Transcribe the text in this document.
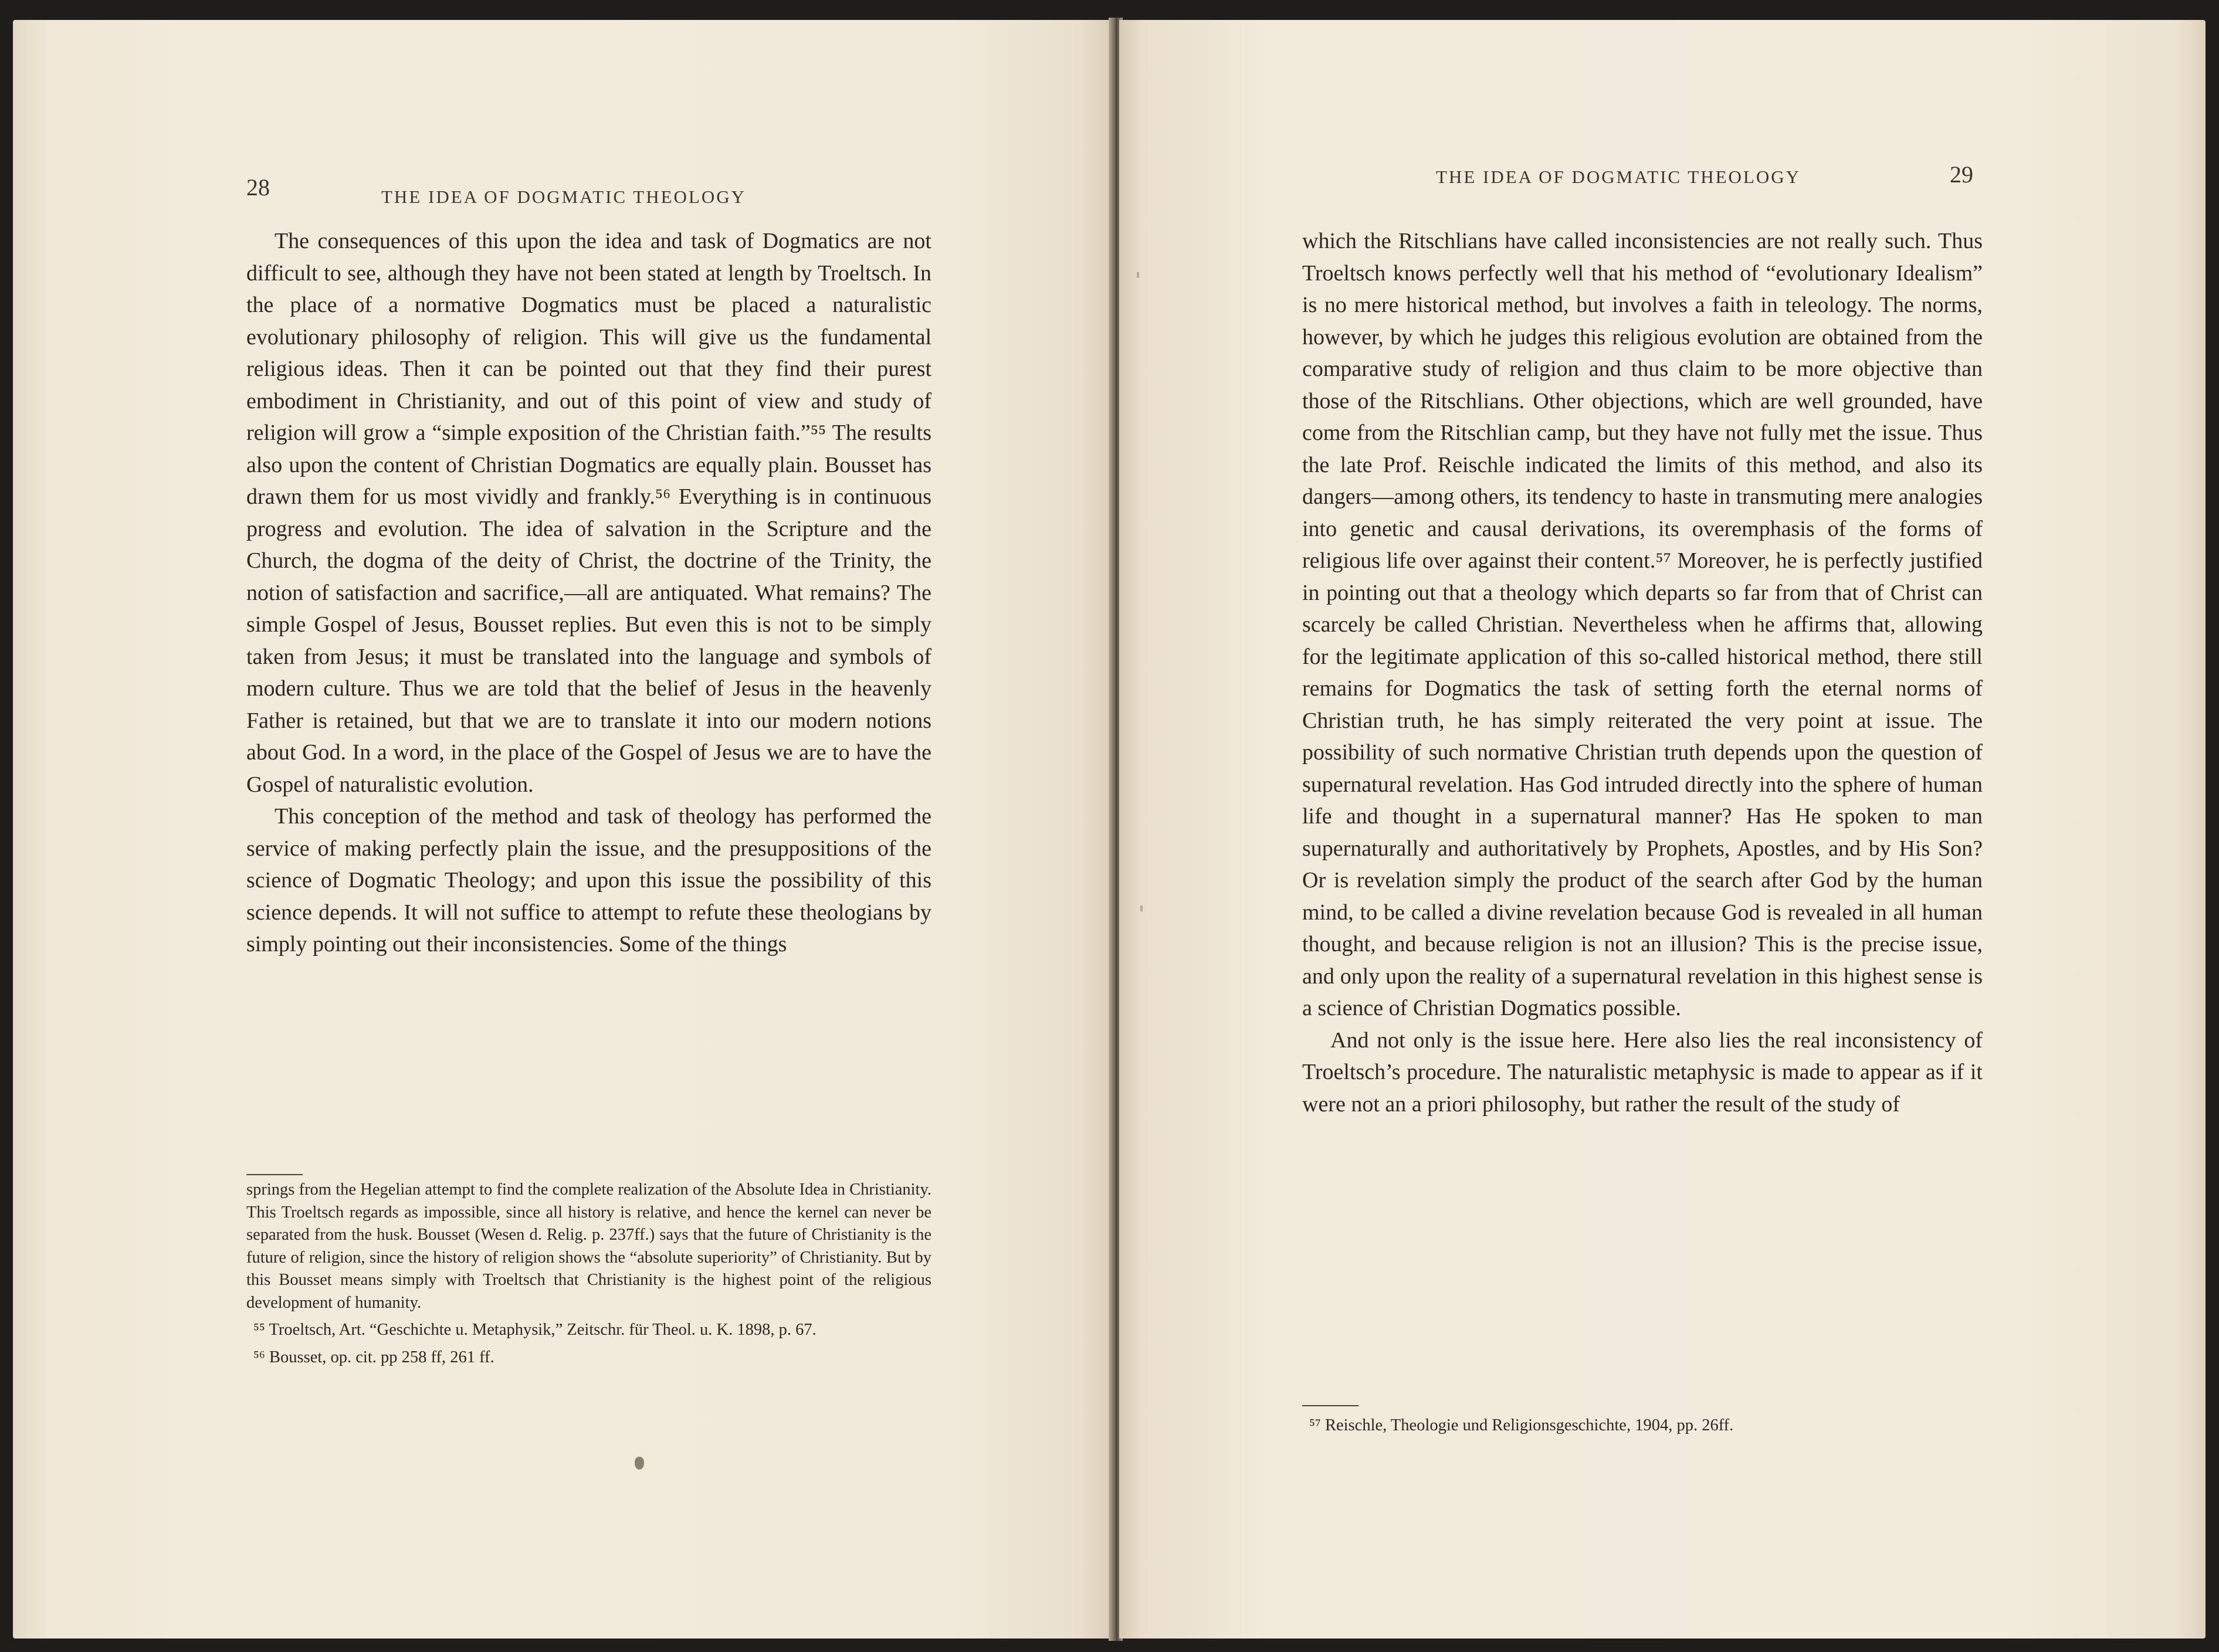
28	THE IDEA OF DOGMATIC THEOLOGY

The consequences of this upon the idea and task of Dogmatics are not difficult to see, although they have not been stated at length by Troeltsch. In the place of a normative Dogmatics must be placed a naturalistic evolutionary philosophy of religion. This will give us the fundamental religious ideas. Then it can be pointed out that they find their purest embodiment in Christianity, and out of this point of view and study of religion will grow a “simple exposition of the Christian faith.”⁵⁵ The results also upon the content of Christian Dogmatics are equally plain. Bousset has drawn them for us most vividly and frankly.⁵⁶ Everything is in continuous progress and evolution. The idea of salvation in the Scripture and the Church, the dogma of the deity of Christ, the doctrine of the Trinity, the notion of satisfaction and sacrifice,—all are antiquated. What remains? The simple Gospel of Jesus, Bousset replies. But even this is not to be simply taken from Jesus; it must be translated into the language and symbols of modern culture. Thus we are told that the belief of Jesus in the heavenly Father is retained, but that we are to translate it into our modern notions about God. In a word, in the place of the Gospel of Jesus we are to have the Gospel of naturalistic evolution.

This conception of the method and task of theology has performed the service of making perfectly plain the issue, and the presuppositions of the science of Dogmatic Theology; and upon this issue the possibility of this science depends. It will not suffice to attempt to refute these theologians by simply pointing out their inconsistencies. Some of the things

springs from the Hegelian attempt to find the complete realization of the Absolute Idea in Christianity. This Troeltsch regards as impossible, since all history is relative, and hence the kernel can never be separated from the husk. Bousset (Wesen d. Relig. p. 237ff.) says that the future of Christianity is the future of religion, since the history of religion shows the “absolute superiority” of Christianity. But by this Bousset means simply with Troeltsch that Christianity is the highest point of the religious development of humanity.

⁵⁵ Troeltsch, Art. “Geschichte u. Metaphysik,” Zeitschr. für Theol. u. K. 1898, p. 67.

⁵⁶ Bousset, op. cit. pp 258 ff, 261 ff.

THE IDEA OF DOGMATIC THEOLOGY	29

which the Ritschlians have called inconsistencies are not really such. Thus Troeltsch knows perfectly well that his method of “evolutionary Idealism” is no mere historical method, but involves a faith in teleology. The norms, however, by which he judges this religious evolution are obtained from the comparative study of religion and thus claim to be more objective than those of the Ritschlians. Other objections, which are well grounded, have come from the Ritschlian camp, but they have not fully met the issue. Thus the late Prof. Reischle indicated the limits of this method, and also its dangers—among others, its tendency to haste in transmuting mere analogies into genetic and causal derivations, its overemphasis of the forms of religious life over against their content.⁵⁷ Moreover, he is perfectly justified in pointing out that a theology which departs so far from that of Christ can scarcely be called Christian. Nevertheless when he affirms that, allowing for the legitimate application of this so-called historical method, there still remains for Dogmatics the task of setting forth the eternal norms of Christian truth, he has simply reiterated the very point at issue. The possibility of such normative Christian truth depends upon the question of supernatural revelation. Has God intruded directly into the sphere of human life and thought in a supernatural manner? Has He spoken to man supernaturally and authoritatively by Prophets, Apostles, and by His Son? Or is revelation simply the product of the search after God by the human mind, to be called a divine revelation because God is revealed in all human thought, and because religion is not an illusion? This is the precise issue, and only upon the reality of a supernatural revelation in this highest sense is a science of Christian Dogmatics possible.

And not only is the issue here. Here also lies the real inconsistency of Troeltsch’s procedure. The naturalistic metaphysic is made to appear as if it were not an a priori philosophy, but rather the result of the study of

⁵⁷ Reischle, Theologie und Religionsgeschichte, 1904, pp. 26ff.
